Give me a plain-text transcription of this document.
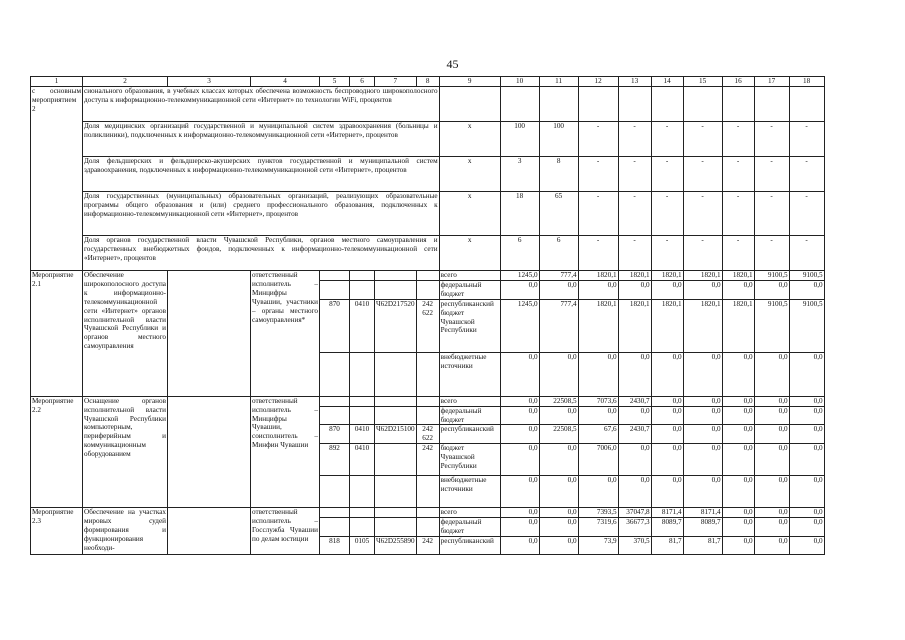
45
1	2	3	4	5	6	7	8	9	10	11	12	13	14	15	16	17	18
с основным мероприятием 2	сионального образования, в учебных классах которых обеспечена возможность беспроводного широкополосного доступа к информационно-телекоммуникационной сети «Интернет» по технологии WiFi, процентов																
	Доля медицинских организаций государственной и муниципальной систем здравоохранения (больницы и поликлиники), подключенных к информационно-телекоммуникационной сети «Интернет», процентов							x	100	100	-	-	-	-	-	-	-
	Доля фельдшерских и фельдшерско-акушерских пунктов государственной и муниципальной систем здравоохранения, подключенных к информационно-телекоммуникационной сети «Интернет», процентов							x	3	8	-	-	-	-	-	-	-
	Доля государственных (муниципальных) образовательных организаций, реализующих образовательные программы общего образования и (или) среднего профессионального образования, подключенных к информационно-телекоммуникационной сети «Интернет», процентов							x	18	65	-	-	-	-	-	-	-
	Доля органов государственной власти Чувашской Республики, органов местного самоуправления и государственных внебюджетных фондов, подключенных к информационно-телекоммуникационной сети «Интернет», процентов							x	6	6	-	-	-	-	-	-	-
Мероприятие 2.1	Обеспечение широкополосного доступа к информационно-телекоммуникационной сети «Интернет» органов исполнительной власти Чувашской Республики и органов местного самоуправления		ответственный исполнитель – Минцифры Чувашии, участники – органы местного самоуправления*					всего	1245,0	777,4	1820,1	1820,1	1820,1	1820,1	1820,1	9100,5	9100,5
								федеральный бюджет	0,0	0,0	0,0	0,0	0,0	0,0	0,0	0,0	0,0
				870	0410	Ч62D217520	242 622	республиканский бюджет Чувашской Республики	1245,0	777,4	1820,1	1820,1	1820,1	1820,1	1820,1	9100,5	9100,5
								внебюджетные источники	0,0	0,0	0,0	0,0	0,0	0,0	0,0	0,0	0,0
Мероприятие 2.2	Оснащение органов исполнительной власти Чувашской Республики компьютерным, периферийным и коммуникационным оборудованием		ответственный исполнитель – Минцифры Чувашии, соисполнитель – Минфин Чувашии					всего	0,0	22508,5	7073,6	2430,7	0,0	0,0	0,0	0,0	0,0
								федеральный бюджет	0,0	0,0	0,0	0,0	0,0	0,0	0,0	0,0	0,0
				870	0410	Ч62D215100	242 622	республиканский	0,0	22508,5	67,6	2430,7	0,0	0,0	0,0	0,0	0,0
				892	0410		242	бюджет Чувашской Республики	0,0	0,0	7006,0	0,0	0,0	0,0	0,0	0,0	0,0
								внебюджетные источники	0,0	0,0	0,0	0,0	0,0	0,0	0,0	0,0	0,0
Мероприятие 2.3	Обеспечение на участках мировых судей формирования и функционирования необходи-		ответственный исполнитель – Госслужба Чувашии по делам юстиции					всего	0,0	0,0	7393,5	37047,8	8171,4	8171,4	0,0	0,0	0,0
								федеральный бюджет	0,0	0,0	7319,6	36677,3	8089,7	8089,7	0,0	0,0	0,0
				818	0105	Ч62D255890	242	республиканский	0,0	0,0	73,9	370,5	81,7	81,7	0,0	0,0	0,0
